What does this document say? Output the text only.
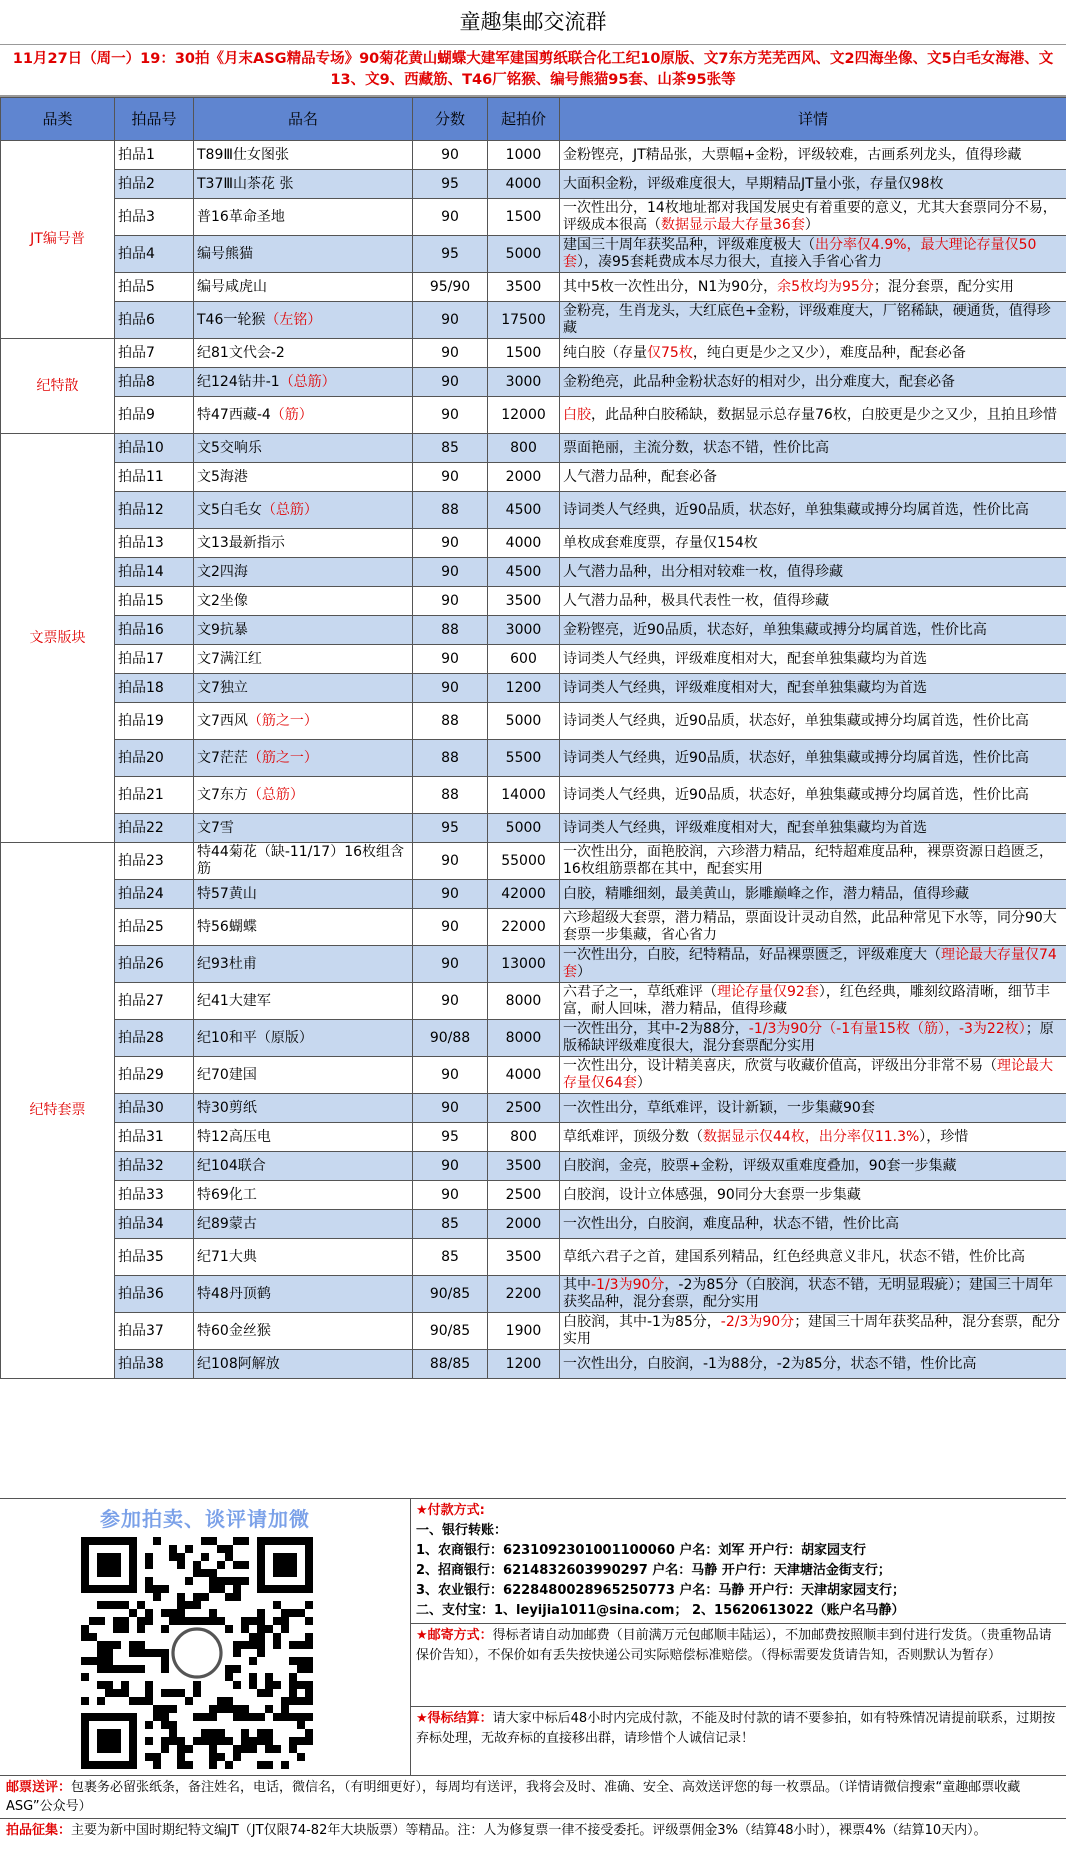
童趣集邮交流群
11月27日（周一）19：30拍《月末ASG精品专场》90菊花黄山蝴蝶大建军建国剪纸联合化工纪10原版、文7东方芜芜西风、文2四海坐像、文5白毛女海港、文13、文9、西藏筋、T46厂铭猴、编号熊猫95套、山茶95张等
品类	拍品号	品名	分数	起拍价	详情
JT编号普	拍品1	T89Ⅲ仕女图张	90	1000	金粉铿亮，JT精品张，大票幅+金粉，评级较难，古画系列龙头，值得珍藏
	拍品2	T37Ⅲ山茶花 张	95	4000	大面积金粉，评级难度很大，早期精品JT量小张，存量仅98枚
	拍品3	普16革命圣地	90	1500	一次性出分，14枚地址都对我国发展史有着重要的意义，尤其大套票同分不易，评级成本很高（数据显示最大存量36套）
	拍品4	编号熊猫	95	5000	建国三十周年获奖品种，评级难度极大（出分率仅4.9%，最大理论存量仅50套），凑95套耗费成本尽力很大，直接入手省心省力
	拍品5	编号咸虎山	95/90	3500	其中5枚一次性出分，N1为90分，余5枚均为95分；混分套票，配分实用
	拍品6	T46一轮猴（左铭）	90	17500	金粉亮，生肖龙头，大红底色+金粉，评级难度大，厂铭稀缺，硬通货，值得珍藏
纪特散	拍品7	纪81文代会-2	90	1500	纯白胶（存量仅75枚，纯白更是少之又少），难度品种，配套必备
	拍品8	纪124钻井-1（总筋）	90	3000	金粉绝亮，此品种金粉状态好的相对少，出分难度大，配套必备
	拍品9	特47西藏-4（筋）	90	12000	白胶，此品种白胶稀缺，数据显示总存量76枚，白胶更是少之又少，且拍且珍惜
文票版块	拍品10	文5交响乐	85	800	票面艳丽，主流分数，状态不错，性价比高
	拍品11	文5海港	90	2000	人气潜力品种，配套必备
	拍品12	文5白毛女（总筋）	88	4500	诗词类人气经典，近90品质，状态好，单独集藏或搏分均属首选，性价比高
	拍品13	文13最新指示	90	4000	单枚成套难度票，存量仅154枚
	拍品14	文2四海	90	4500	人气潜力品种，出分相对较难一枚，值得珍藏
	拍品15	文2坐像	90	3500	人气潜力品种，极具代表性一枚，值得珍藏
	拍品16	文9抗暴	88	3000	金粉铿亮，近90品质，状态好，单独集藏或搏分均属首选，性价比高
	拍品17	文7满江红	90	600	诗词类人气经典，评级难度相对大，配套单独集藏均为首选
	拍品18	文7独立	90	1200	诗词类人气经典，评级难度相对大，配套单独集藏均为首选
	拍品19	文7西风（筋之一）	88	5000	诗词类人气经典，近90品质，状态好，单独集藏或搏分均属首选，性价比高
	拍品20	文7茫茫（筋之一）	88	5500	诗词类人气经典，近90品质，状态好，单独集藏或搏分均属首选，性价比高
	拍品21	文7东方（总筋）	88	14000	诗词类人气经典，近90品质，状态好，单独集藏或搏分均属首选，性价比高
	拍品22	文7雪	95	5000	诗词类人气经典，评级难度相对大，配套单独集藏均为首选
纪特套票	拍品23	特44菊花（缺-11/17）16枚组含筋	90	55000	一次性出分，面艳胶润，六珍潜力精品，纪特超难度品种，裸票资源日趋匮乏，16枚组筋票都在其中，配套实用
	拍品24	特57黄山	90	42000	白胶，精雕细刻，最美黄山，影雕巅峰之作，潜力精品，值得珍藏
	拍品25	特56蝴蝶	90	22000	六珍超级大套票，潜力精品，票面设计灵动自然，此品种常见下水等，同分90大套票一步集藏，省心省力
	拍品26	纪93杜甫	90	13000	一次性出分，白胶，纪特精品，好品裸票匮乏，评级难度大（理论最大存量仅74套）
	拍品27	纪41大建军	90	8000	六君子之一，草纸难评（理论存量仅92套），红色经典，雕刻纹路清晰，细节丰富，耐人回味，潜力精品，值得珍藏
	拍品28	纪10和平（原版）	90/88	8000	一次性出分，其中-2为88分，-1/3为90分（-1有量15枚（筋），-3为22枚）；原版稀缺评级难度很大，混分套票配分实用
	拍品29	纪70建国	90	4000	一次性出分，设计精美喜庆，欣赏与收藏价值高，评级出分非常不易（理论最大存量仅64套）
	拍品30	特30剪纸	90	2500	一次性出分，草纸难评，设计新颖，一步集藏90套
	拍品31	特12高压电	95	800	草纸难评，顶级分数（数据显示仅44枚，出分率仅11.3%），珍惜
	拍品32	纪104联合	90	3500	白胶润，金亮，胶票+金粉，评级双重难度叠加，90套一步集藏
	拍品33	特69化工	90	2500	白胶润，设计立体感强，90同分大套票一步集藏
	拍品34	纪89蒙古	85	2000	一次性出分，白胶润，难度品种，状态不错，性价比高
	拍品35	纪71大典	85	3500	草纸六君子之首，建国系列精品，红色经典意义非凡，状态不错，性价比高
	拍品36	特48丹顶鹤	90/85	2200	其中-1/3为90分，-2为85分（白胶润，状态不错，无明显瑕疵）；建国三十周年获奖品种，混分套票，配分实用
	拍品37	特60金丝猴	90/85	1900	白胶润，其中-1为85分，-2/3为90分；建国三十周年获奖品种，混分套票，配分实用
	拍品38	纪108阿解放	88/85	1200	一次性出分，白胶润，-1为88分，-2为85分，状态不错，性价比高
参加拍卖、谈评请加微	★付款方式:
一、银行转账：
1、农商银行：6231092301001100060 户名：刘军 开户行：胡家园支行
2、招商银行：6214832603990297 户名：马静 开户行：天津塘沽金街支行；
3、农业银行：6228480028965250773 户名：马静 开户行：天津胡家园支行；
二、支付宝：1、leyijia1011@sina.com； 2、15620613022（账户名马静）
★邮寄方式：得标者请自动加邮费（目前满万元包邮顺丰陆运），不加邮费按照顺丰到付进行发货。（贵重物品请保价告知），不保价如有丢失按快递公司实际赔偿标准赔偿。（得标需要发货请告知，否则默认为暂存）
★得标结算：请大家中标后48小时内完成付款，不能及时付款的请不要参拍，如有特殊情况请提前联系，过期按弃标处理，无故弃标的直接移出群，请珍惜个人诚信记录！
邮票送评：包裹务必留张纸条，备注姓名，电话，微信名，（有明细更好），每周均有送评，我将会及时、准确、安全、高效送评您的每一枚票品。（详情请微信搜索“童趣邮票收藏ASG”公众号）
拍品征集：主要为新中国时期纪特文编JT（JT仅限74-82年大块版票）等精品。注：人为修复票一律不接受委托。评级票佣金3%（结算48小时），裸票4%（结算10天内）。
